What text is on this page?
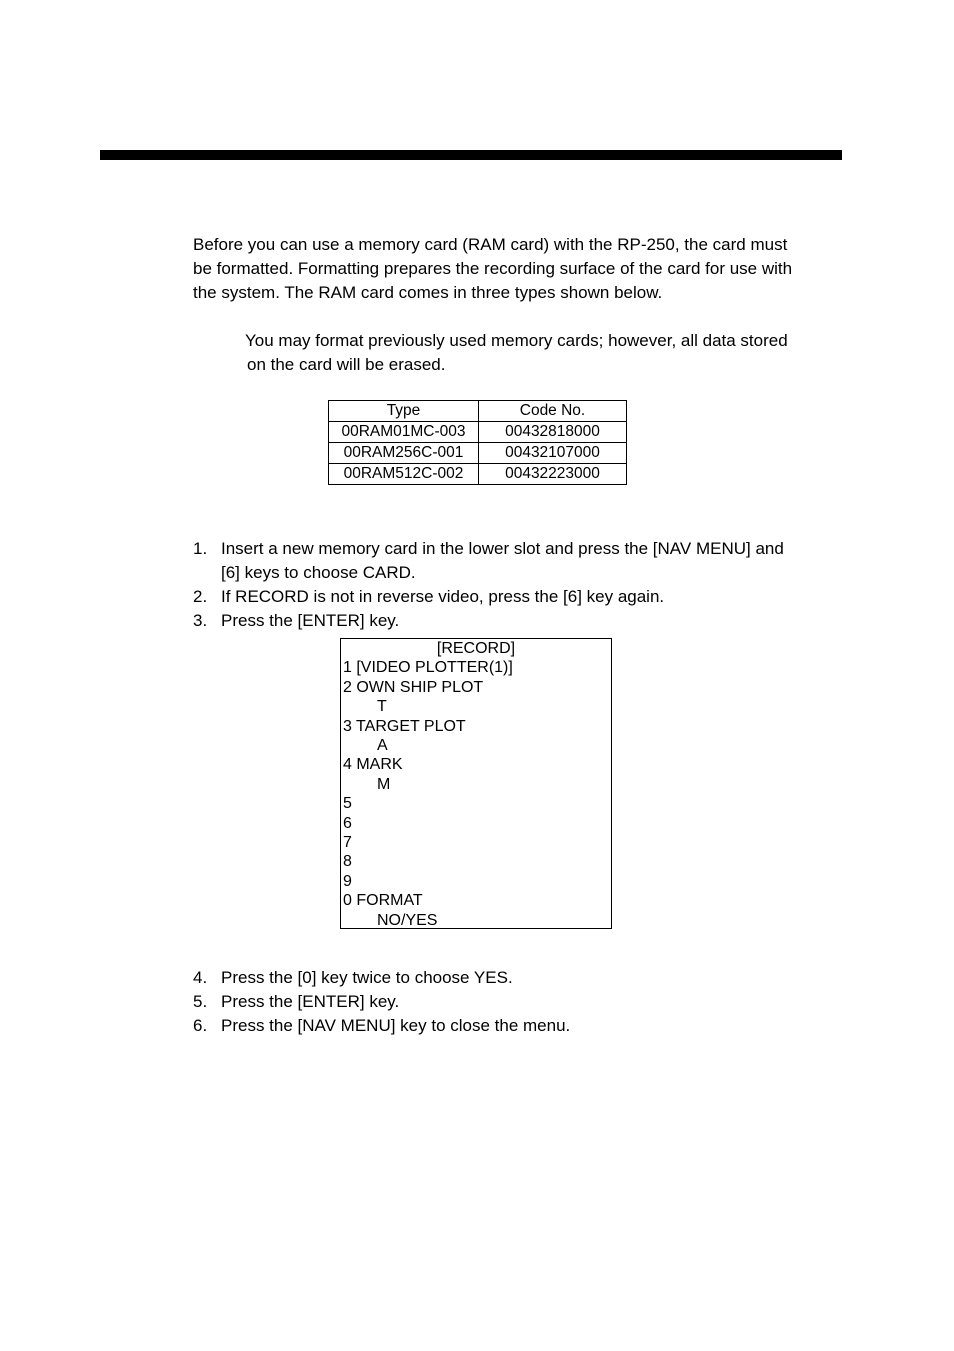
Before you can use a memory card (RAM card) with the RP-250, the card must
be formatted. Formatting prepares the recording surface of the card for use with
the system. The RAM card comes in three types shown below.

You may format previously used memory cards; however, all data stored
on the card will be erased.

Type	Code No.
00RAM01MC-003	00432818000
00RAM256C-001	00432107000
00RAM512C-002	00432223000
1. Insert a new memory card in the lower slot and press the [NAV MENU] and
[6] keys to choose CARD.
2. If RECORD is not in reverse video, press the [6] key again.
3. Press the [ENTER] key.
[RECORD]
1 [VIDEO PLOTTER(1)]
2 OWN SHIP PLOT
T
3 TARGET PLOT
A
4 MARK
M
5
6
7
8
9
0 FORMAT
NO/YES
4. Press the [0] key twice to choose YES.
5. Press the [ENTER] key.
6. Press the [NAV MENU] key to close the menu.
